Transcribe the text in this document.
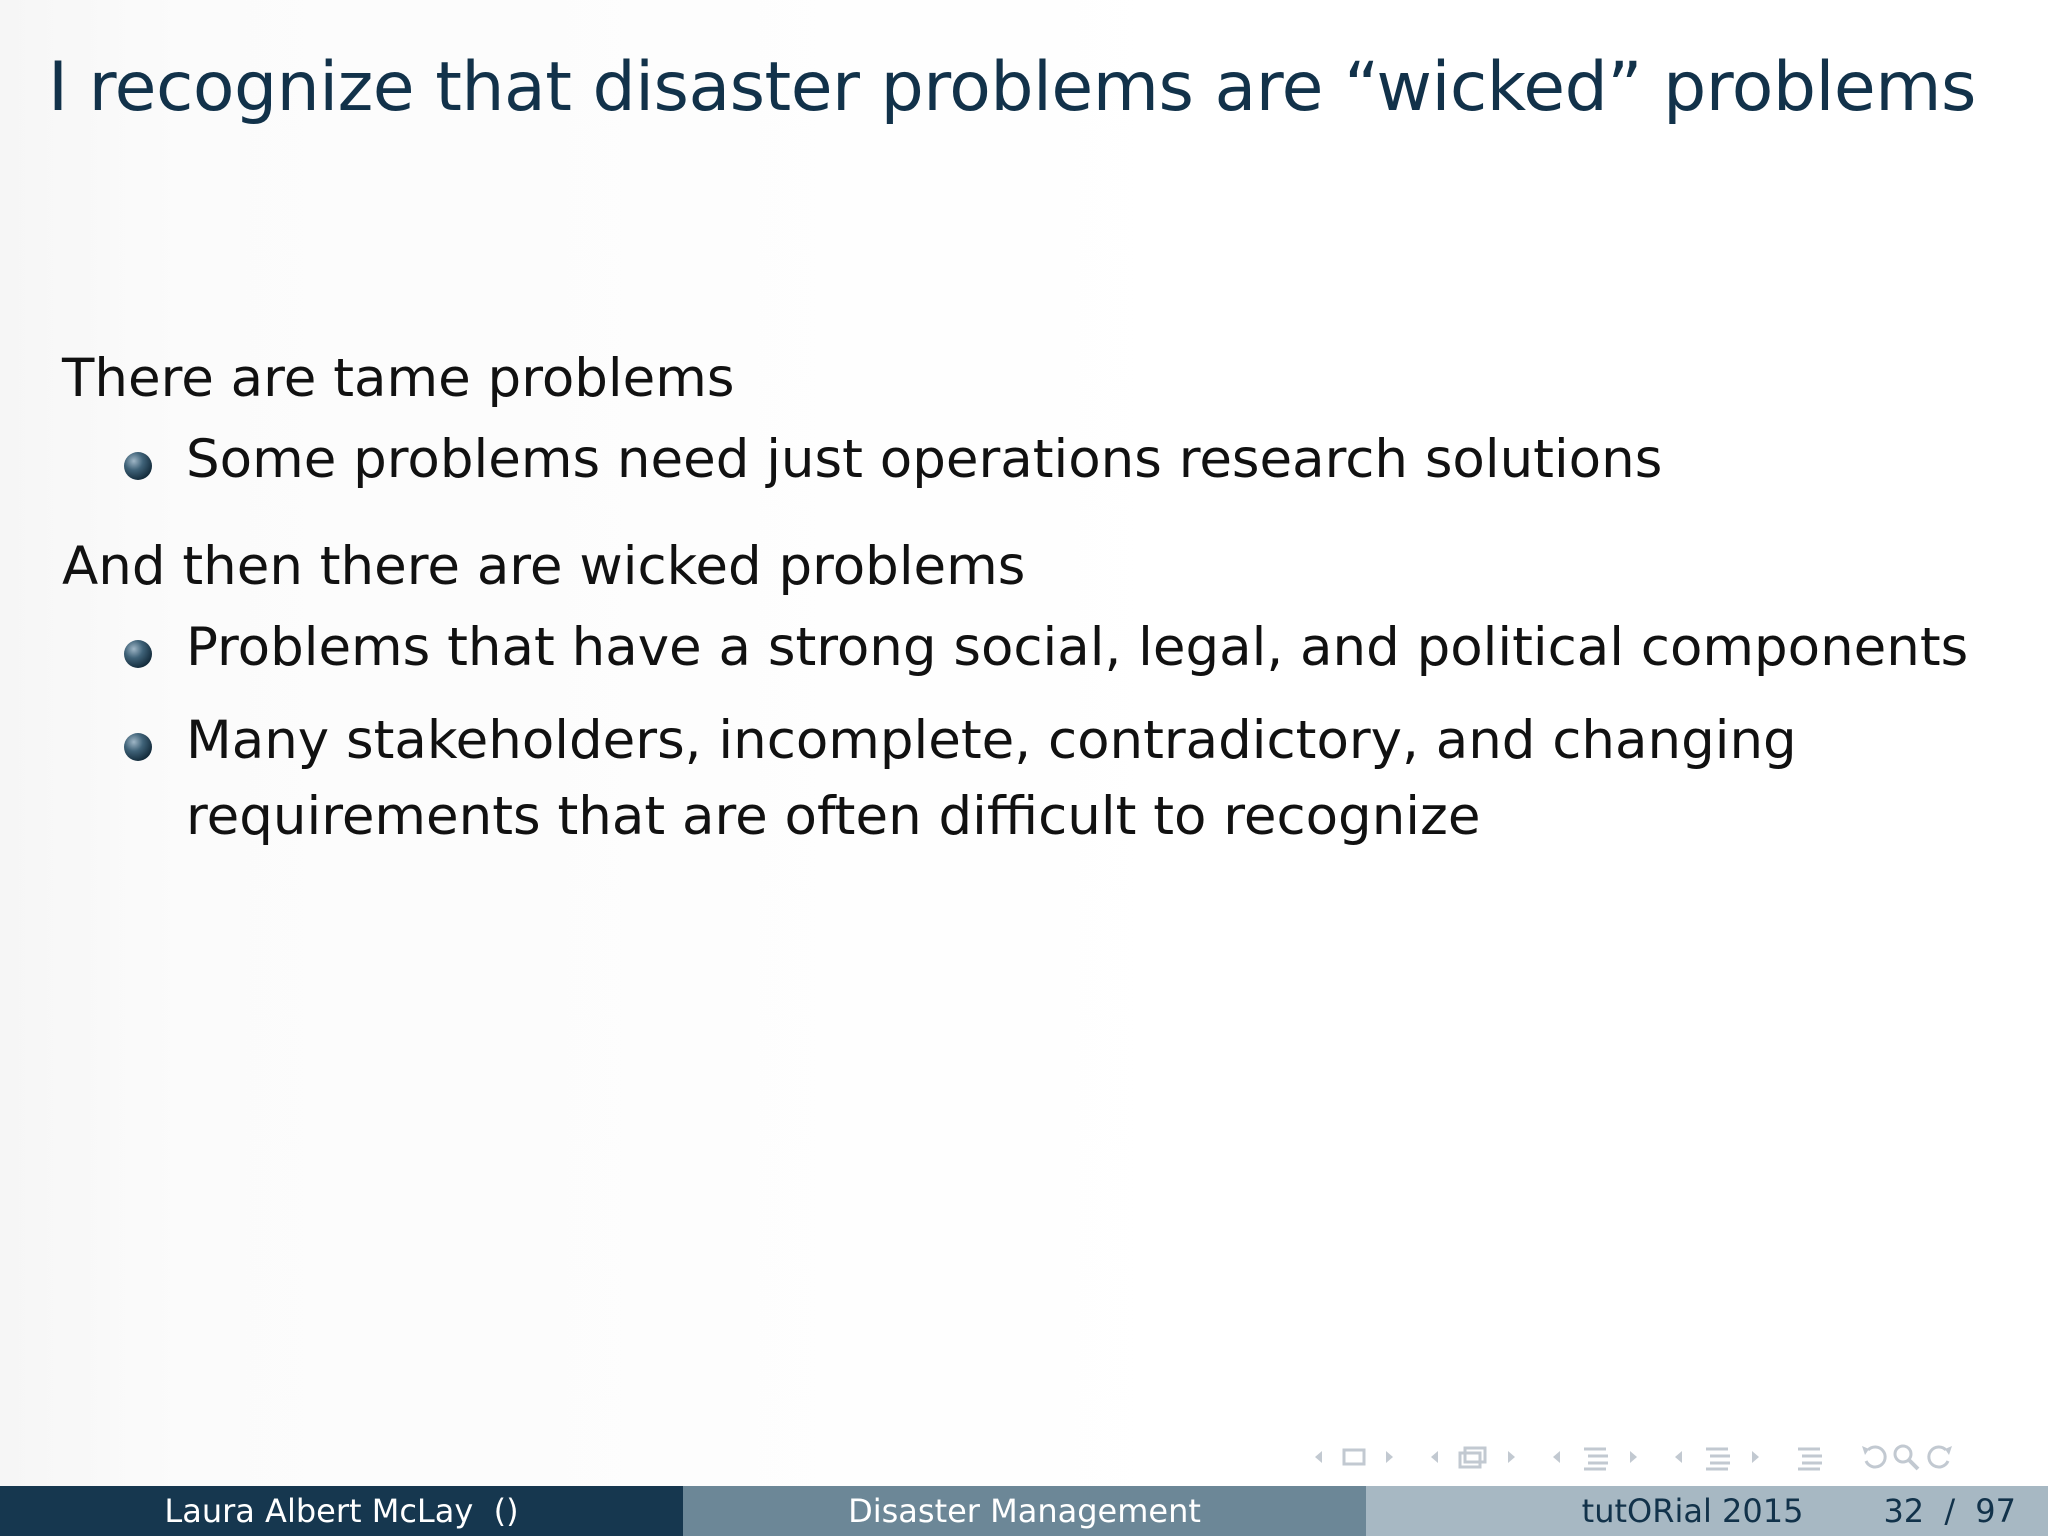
I recognize that disaster problems are “wicked” problems

There are tame problems

Some problems need just operations research solutions

And then there are wicked problems

Problems that have a strong social, legal, and political components
Many stakeholders, incomplete, contradictory, and changing
requirements that are often difficult to recognize
Laura Albert McLay  ()	Disaster Management	tutORial 2015	32 / 97
